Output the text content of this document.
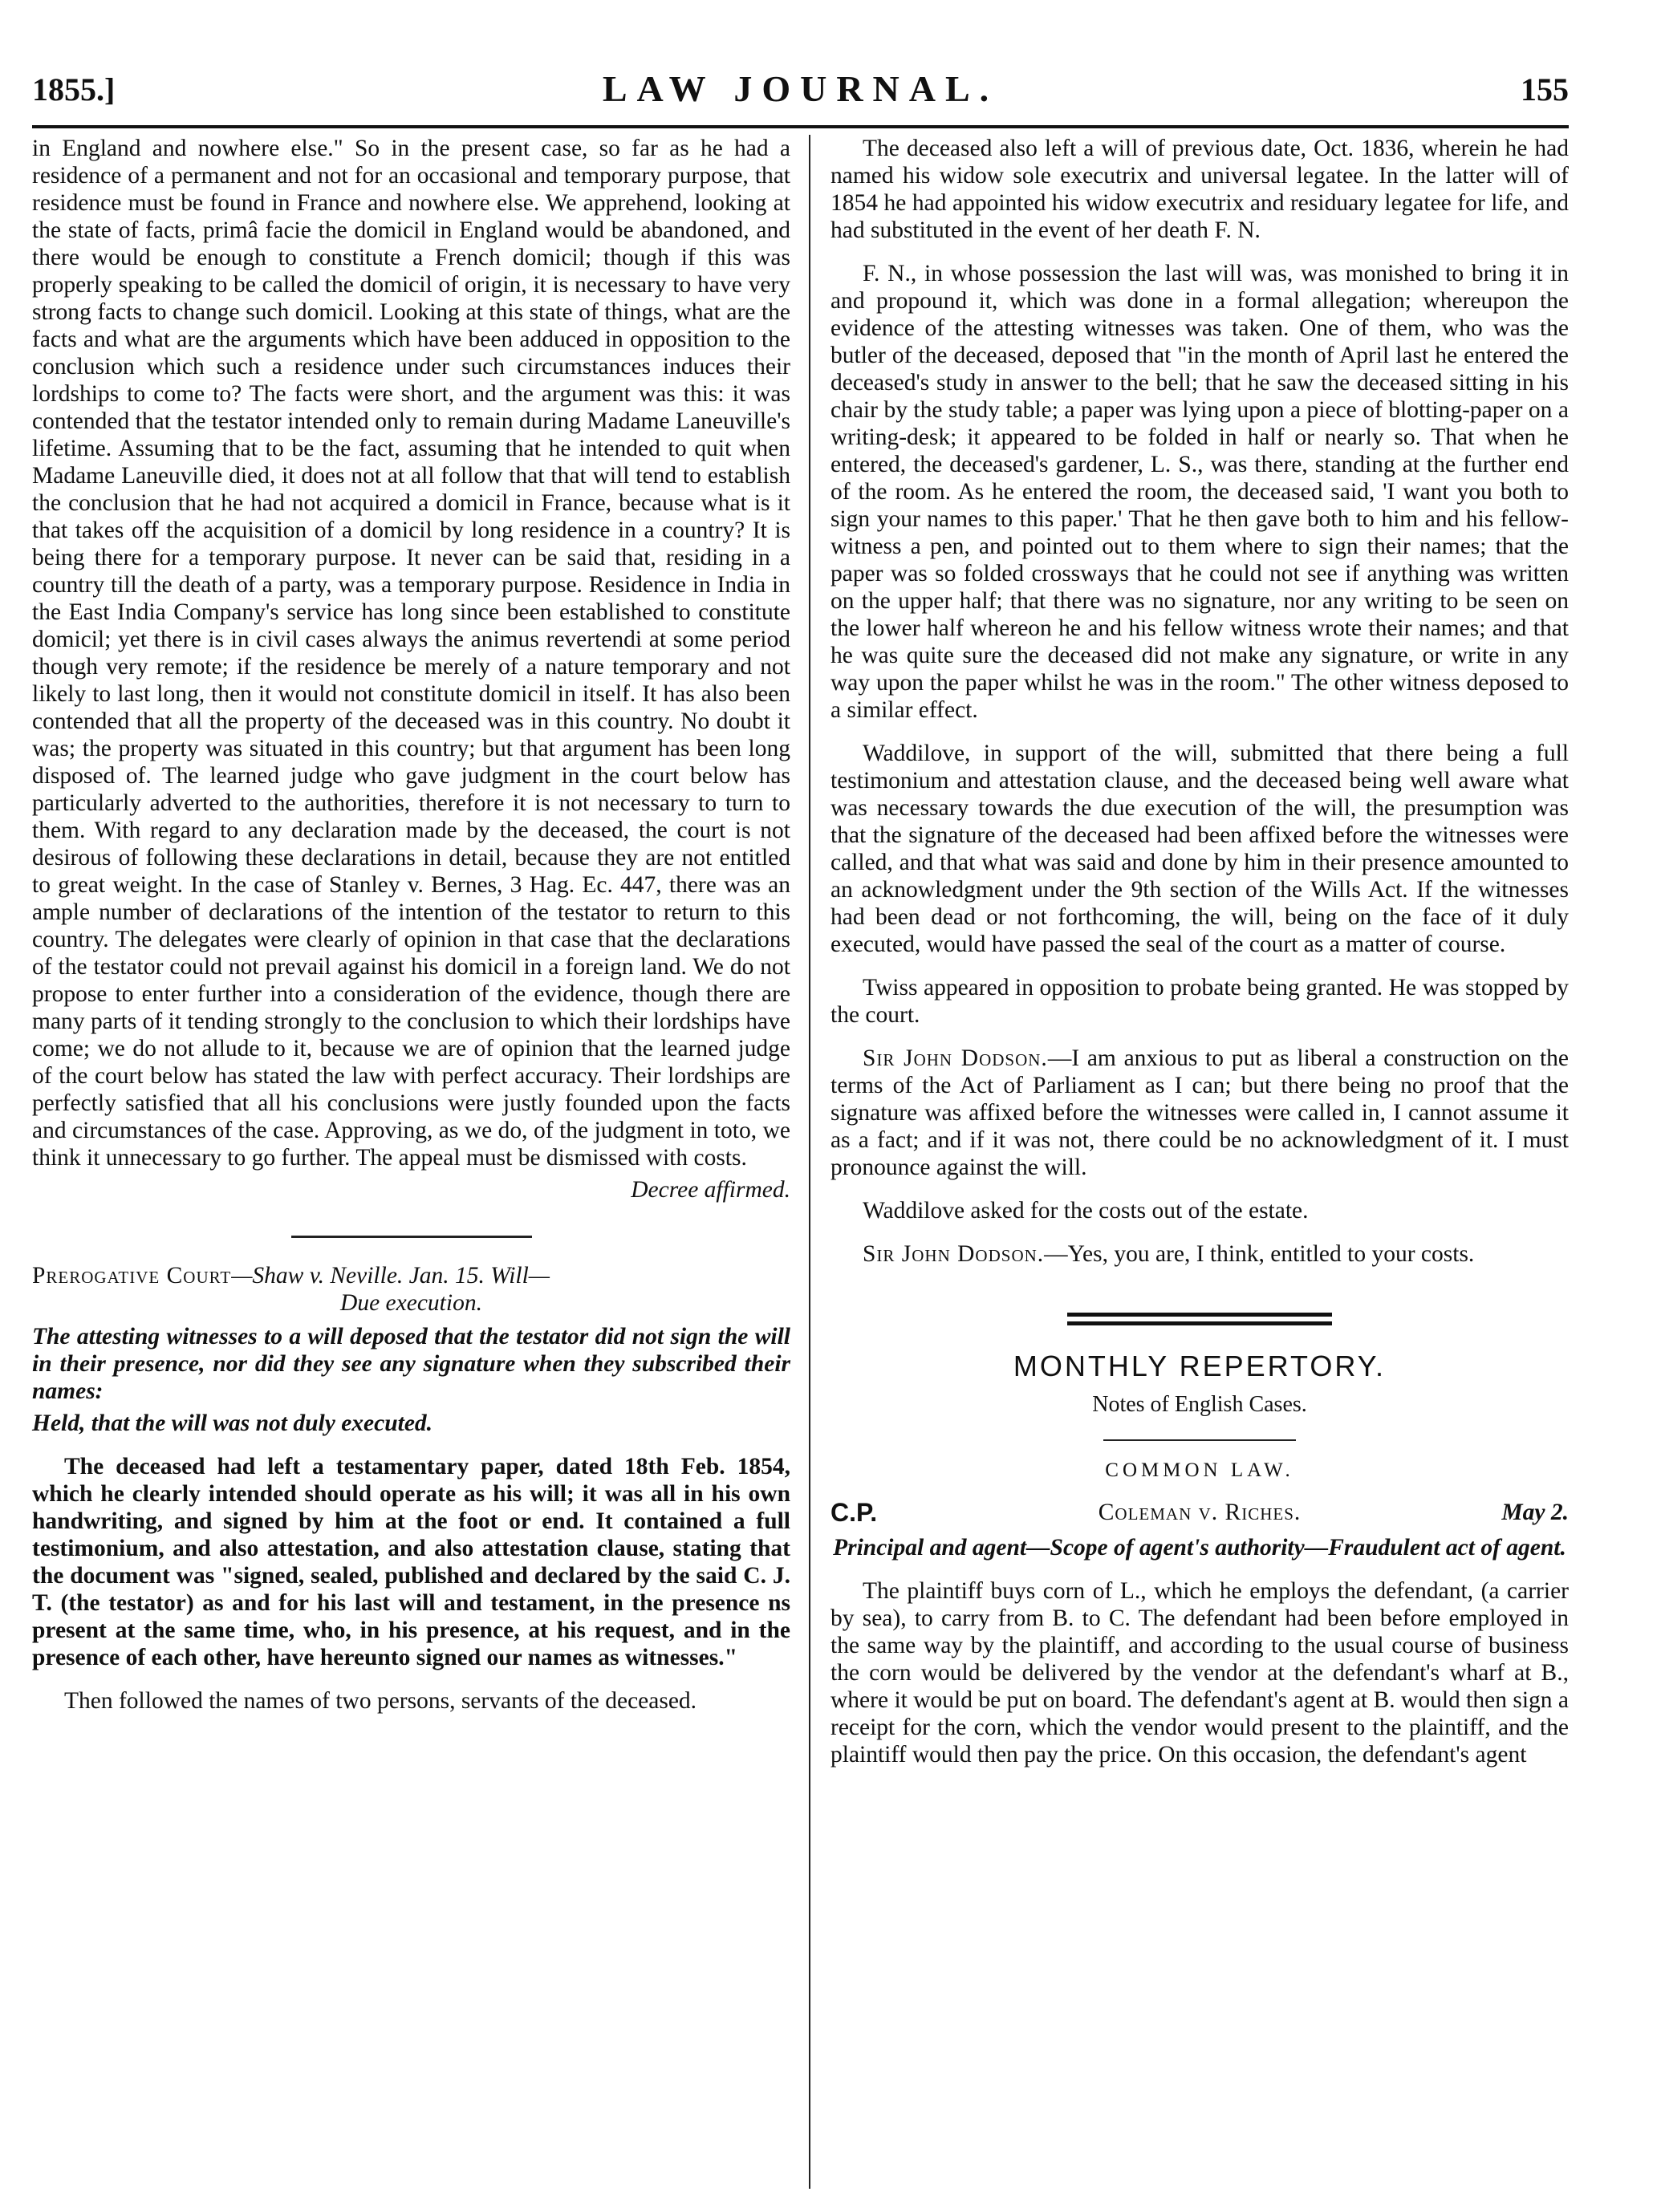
1855.]	LAW JOURNAL.	155

in England and nowhere else." So in the present case, so far as he had a residence of a permanent and not for an occasional and temporary purpose, that residence must be found in France and nowhere else. We apprehend, looking at the state of facts, primâ facie the domicil in England would be abandoned, and there would be enough to constitute a French domicil; though if this was properly speaking to be called the domicil of origin, it is necessary to have very strong facts to change such domicil. Looking at this state of things, what are the facts and what are the arguments which have been adduced in opposition to the conclusion which such a residence under such circumstances induces their lordships to come to? The facts were short, and the argument was this: it was contended that the testator intended only to remain during Madame Laneuville's lifetime. Assuming that to be the fact, assuming that he intended to quit when Madame Laneuville died, it does not at all follow that that will tend to establish the conclusion that he had not acquired a domicil in France, because what is it that takes off the acquisition of a domicil by long residence in a country? It is being there for a temporary purpose. It never can be said that, residing in a country till the death of a party, was a temporary purpose. Residence in India in the East India Company's service has long since been established to constitute domicil; yet there is in civil cases always the animus revertendi at some period though very remote; if the residence be merely of a nature temporary and not likely to last long, then it would not constitute domicil in itself. It has also been contended that all the property of the deceased was in this country. No doubt it was; the property was situated in this country; but that argument has been long disposed of. The learned judge who gave judgment in the court below has particularly adverted to the authorities, therefore it is not necessary to turn to them. With regard to any declaration made by the deceased, the court is not desirous of following these declarations in detail, because they are not entitled to great weight. In the case of Stanley v. Bernes, 3 Hag. Ec. 447, there was an ample number of declarations of the intention of the testator to return to this country. The delegates were clearly of opinion in that case that the declarations of the testator could not prevail against his domicil in a foreign land. We do not propose to enter further into a consideration of the evidence, though there are many parts of it tending strongly to the conclusion to which their lordships have come; we do not allude to it, because we are of opinion that the learned judge of the court below has stated the law with perfect accuracy. Their lordships are perfectly satisfied that all his conclusions were justly founded upon the facts and circumstances of the case. Approving, as we do, of the judgment in toto, we think it unnecessary to go further. The appeal must be dismissed with costs.

Decree affirmed.

Prerogative Court—Shaw v. Neville. Jan. 15. Will—

Due execution.

The attesting witnesses to a will deposed that the testator did not sign the will in their presence, nor did they see any signature when they subscribed their names:

Held, that the will was not duly executed.

The deceased had left a testamentary paper, dated 18th Feb. 1854, which he clearly intended should operate as his will; it was all in his own handwriting, and signed by him at the foot or end. It contained a full testimonium, and also attestation, and also attestation clause, stating that the document was "signed, sealed, published and declared by the said C. J. T. (the testator) as and for his last will and testament, in the presence ns present at the same time, who, in his presence, at his request, and in the presence of each other, have hereunto signed our names as witnesses."

Then followed the names of two persons, servants of the deceased.

The deceased also left a will of previous date, Oct. 1836, wherein he had named his widow sole executrix and universal legatee. In the latter will of 1854 he had appointed his widow executrix and residuary legatee for life, and had substituted in the event of her death F. N.

F. N., in whose possession the last will was, was monished to bring it in and propound it, which was done in a formal allegation; whereupon the evidence of the attesting witnesses was taken. One of them, who was the butler of the deceased, deposed that "in the month of April last he entered the deceased's study in answer to the bell; that he saw the deceased sitting in his chair by the study table; a paper was lying upon a piece of blotting-paper on a writing-desk; it appeared to be folded in half or nearly so. That when he entered, the deceased's gardener, L. S., was there, standing at the further end of the room. As he entered the room, the deceased said, 'I want you both to sign your names to this paper.' That he then gave both to him and his fellow-witness a pen, and pointed out to them where to sign their names; that the paper was so folded crossways that he could not see if anything was written on the upper half; that there was no signature, nor any writing to be seen on the lower half whereon he and his fellow witness wrote their names; and that he was quite sure the deceased did not make any signature, or write in any way upon the paper whilst he was in the room." The other witness deposed to a similar effect.

Waddilove, in support of the will, submitted that there being a full testimonium and attestation clause, and the deceased being well aware what was necessary towards the due execution of the will, the presumption was that the signature of the deceased had been affixed before the witnesses were called, and that what was said and done by him in their presence amounted to an acknowledgment under the 9th section of the Wills Act. If the witnesses had been dead or not forthcoming, the will, being on the face of it duly executed, would have passed the seal of the court as a matter of course.

Twiss appeared in opposition to probate being granted. He was stopped by the court.

Sir John Dodson.—I am anxious to put as liberal a construction on the terms of the Act of Parliament as I can; but there being no proof that the signature was affixed before the witnesses were called in, I cannot assume it as a fact; and if it was not, there could be no acknowledgment of it. I must pronounce against the will.

Waddilove asked for the costs out of the estate.

Sir John Dodson.—Yes, you are, I think, entitled to your costs.

MONTHLY REPERTORY.
Notes of English Cases.
COMMON LAW.
C.P.	Coleman v. Riches.	May 2.

Principal and agent—Scope of agent's authority—Fraudulent act of agent.

The plaintiff buys corn of L., which he employs the defendant, (a carrier by sea), to carry from B. to C. The defendant had been before employed in the same way by the plaintiff, and according to the usual course of business the corn would be delivered by the vendor at the defendant's wharf at B., where it would be put on board. The defendant's agent at B. would then sign a receipt for the corn, which the vendor would present to the plaintiff, and the plaintiff would then pay the price. On this occasion, the defendant's agent
